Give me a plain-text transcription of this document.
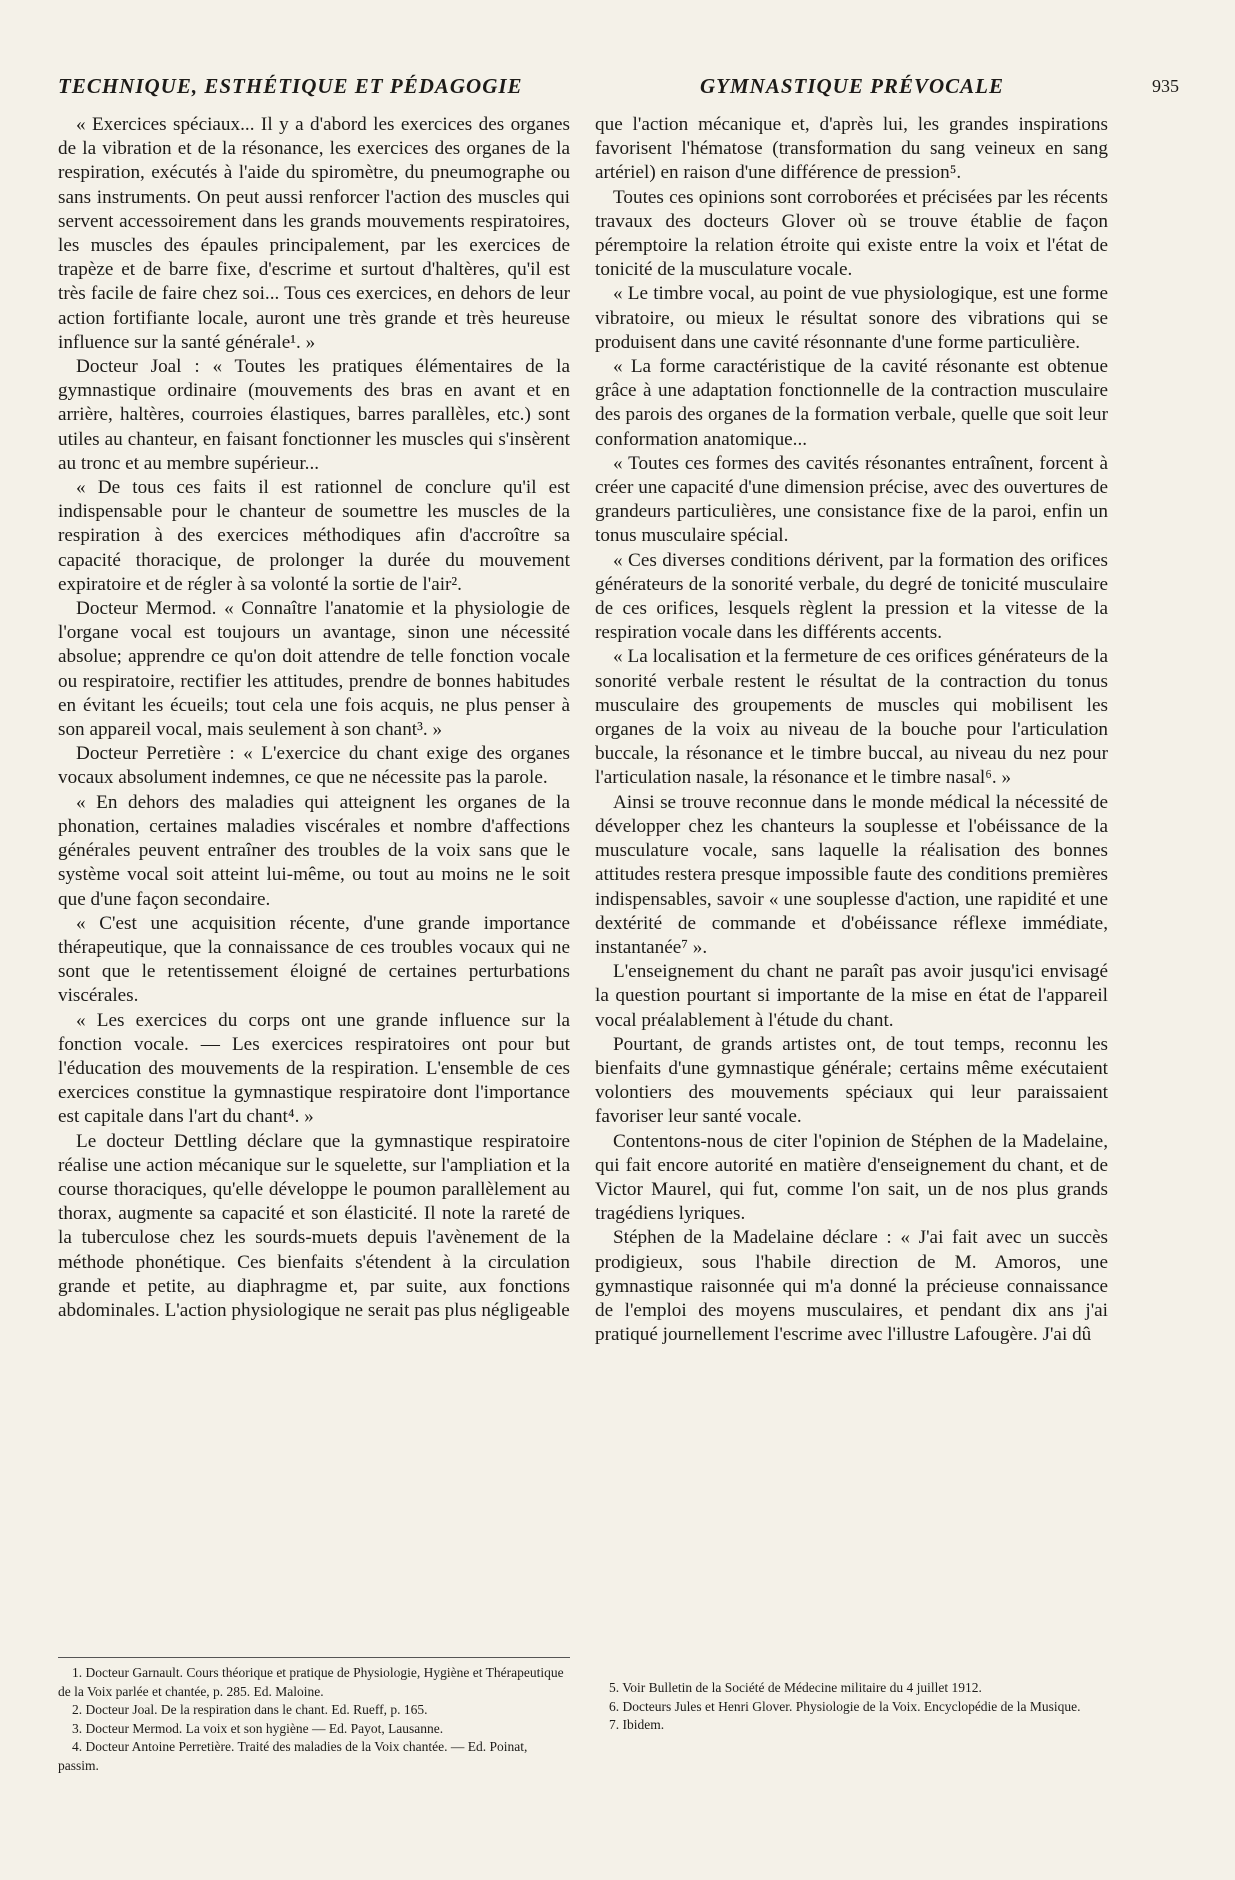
TECHNIQUE, ESTHÉTIQUE ET PÉDAGOGIE	GYMNASTIQUE PRÉVOCALE	935

« Exercices spéciaux... Il y a d'abord les exercices des organes de la vibration et de la résonance, les exercices des organes de la respiration, exécutés à l'aide du spiromètre, du pneumographe ou sans instruments. On peut aussi renforcer l'action des muscles qui servent accessoirement dans les grands mouvements respiratoires, les muscles des épaules principalement, par les exercices de trapèze et de barre fixe, d'escrime et surtout d'haltères, qu'il est très facile de faire chez soi... Tous ces exercices, en dehors de leur action fortifiante locale, auront une très grande et très heureuse influence sur la santé générale¹. »

Docteur Joal : « Toutes les pratiques élémentaires de la gymnastique ordinaire (mouvements des bras en avant et en arrière, haltères, courroies élastiques, barres parallèles, etc.) sont utiles au chanteur, en faisant fonctionner les muscles qui s'insèrent au tronc et au membre supérieur...

« De tous ces faits il est rationnel de conclure qu'il est indispensable pour le chanteur de soumettre les muscles de la respiration à des exercices méthodiques afin d'accroître sa capacité thoracique, de prolonger la durée du mouvement expiratoire et de régler à sa volonté la sortie de l'air².

Docteur Mermod. « Connaître l'anatomie et la physiologie de l'organe vocal est toujours un avantage, sinon une nécessité absolue; apprendre ce qu'on doit attendre de telle fonction vocale ou respiratoire, rectifier les attitudes, prendre de bonnes habitudes en évitant les écueils; tout cela une fois acquis, ne plus penser à son appareil vocal, mais seulement à son chant³. »

Docteur Perretière : « L'exercice du chant exige des organes vocaux absolument indemnes, ce que ne nécessite pas la parole.

« En dehors des maladies qui atteignent les organes de la phonation, certaines maladies viscérales et nombre d'affections générales peuvent entraîner des troubles de la voix sans que le système vocal soit atteint lui-même, ou tout au moins ne le soit que d'une façon secondaire.

« C'est une acquisition récente, d'une grande importance thérapeutique, que la connaissance de ces troubles vocaux qui ne sont que le retentissement éloigné de certaines perturbations viscérales.

« Les exercices du corps ont une grande influence sur la fonction vocale. — Les exercices respiratoires ont pour but l'éducation des mouvements de la respiration. L'ensemble de ces exercices constitue la gymnastique respiratoire dont l'importance est capitale dans l'art du chant⁴. »

Le docteur Dettling déclare que la gymnastique respiratoire réalise une action mécanique sur le squelette, sur l'ampliation et la course thoraciques, qu'elle développe le poumon parallèlement au thorax, augmente sa capacité et son élasticité. Il note la rareté de la tuberculose chez les sourds-muets depuis l'avènement de la méthode phonétique. Ces bienfaits s'étendent à la circulation grande et petite, au diaphragme et, par suite, aux fonctions abdominales. L'action physiologique ne serait pas plus négligeable

que l'action mécanique et, d'après lui, les grandes inspirations favorisent l'hématose (transformation du sang veineux en sang artériel) en raison d'une différence de pression⁵.

Toutes ces opinions sont corroborées et précisées par les récents travaux des docteurs Glover où se trouve établie de façon péremptoire la relation étroite qui existe entre la voix et l'état de tonicité de la musculature vocale.

« Le timbre vocal, au point de vue physiologique, est une forme vibratoire, ou mieux le résultat sonore des vibrations qui se produisent dans une cavité résonnante d'une forme particulière.

« La forme caractéristique de la cavité résonante est obtenue grâce à une adaptation fonctionnelle de la contraction musculaire des parois des organes de la formation verbale, quelle que soit leur conformation anatomique...

« Toutes ces formes des cavités résonantes entraînent, forcent à créer une capacité d'une dimension précise, avec des ouvertures de grandeurs particulières, une consistance fixe de la paroi, enfin un tonus musculaire spécial.

« Ces diverses conditions dérivent, par la formation des orifices générateurs de la sonorité verbale, du degré de tonicité musculaire de ces orifices, lesquels règlent la pression et la vitesse de la respiration vocale dans les différents accents.

« La localisation et la fermeture de ces orifices générateurs de la sonorité verbale restent le résultat de la contraction du tonus musculaire des groupements de muscles qui mobilisent les organes de la voix au niveau de la bouche pour l'articulation buccale, la résonance et le timbre buccal, au niveau du nez pour l'articulation nasale, la résonance et le timbre nasal⁶. »

Ainsi se trouve reconnue dans le monde médical la nécessité de développer chez les chanteurs la souplesse et l'obéissance de la musculature vocale, sans laquelle la réalisation des bonnes attitudes restera presque impossible faute des conditions premières indispensables, savoir « une souplesse d'action, une rapidité et une dextérité de commande et d'obéissance réflexe immédiate, instantanée⁷ ».

L'enseignement du chant ne paraît pas avoir jusqu'ici envisagé la question pourtant si importante de la mise en état de l'appareil vocal préalablement à l'étude du chant.

Pourtant, de grands artistes ont, de tout temps, reconnu les bienfaits d'une gymnastique générale; certains même exécutaient volontiers des mouvements spéciaux qui leur paraissaient favoriser leur santé vocale.

Contentons-nous de citer l'opinion de Stéphen de la Madelaine, qui fait encore autorité en matière d'enseignement du chant, et de Victor Maurel, qui fut, comme l'on sait, un de nos plus grands tragédiens lyriques.

Stéphen de la Madelaine déclare : « J'ai fait avec un succès prodigieux, sous l'habile direction de M. Amoros, une gymnastique raisonnée qui m'a donné la précieuse connaissance de l'emploi des moyens musculaires, et pendant dix ans j'ai pratiqué journellement l'escrime avec l'illustre Lafougère. J'ai dû

1. Docteur Garnault. Cours théorique et pratique de Physiologie, Hygiène et Thérapeutique de la Voix parlée et chantée, p. 285. Ed. Maloine.

2. Docteur Joal. De la respiration dans le chant. Ed. Rueff, p. 165.

3. Docteur Mermod. La voix et son hygiène — Ed. Payot, Lausanne.

4. Docteur Antoine Perretière. Traité des maladies de la Voix chantée. — Ed. Poinat, passim.

5. Voir Bulletin de la Société de Médecine militaire du 4 juillet 1912.

6. Docteurs Jules et Henri Glover. Physiologie de la Voix. Encyclopédie de la Musique.

7. Ibidem.
